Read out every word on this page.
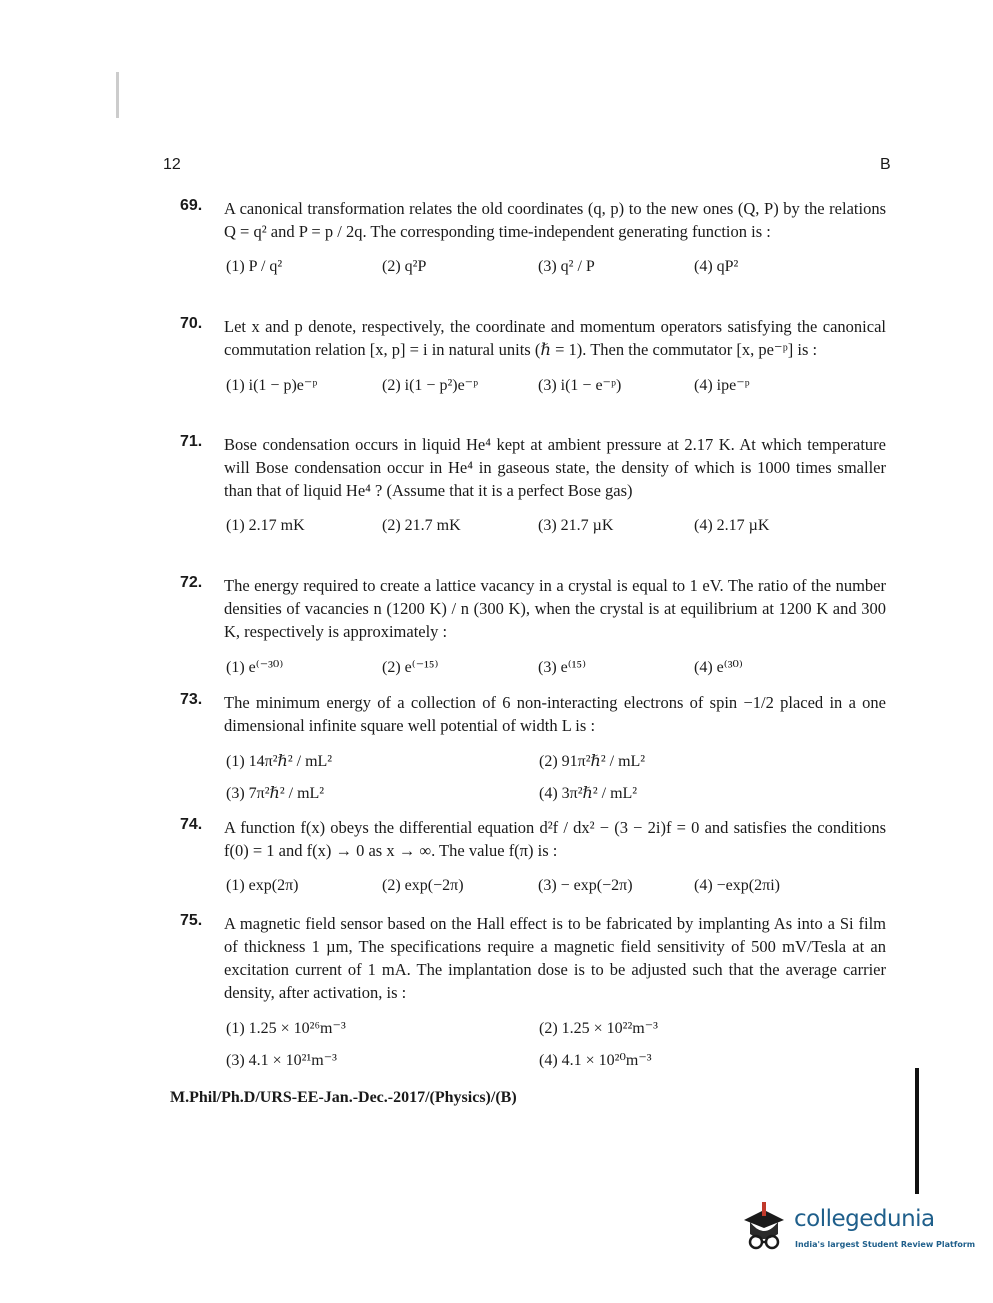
12	B
69. A canonical transformation relates the old coordinates (q, p) to the new ones (Q, P) by the relations Q = q² and P = p / 2q. The corresponding time-independent generating function is :
(1) P / q²	(2) q²P	(3) q² / P	(4) qP²
70. Let x and p denote, respectively, the coordinate and momentum operators satisfying the canonical commutation relation [x, p] = i in natural units (ℏ = 1). Then the commutator [x, pe⁻ᵖ] is :
(1) i(1 − p)e⁻ᵖ	(2) i(1 − p²)e⁻ᵖ	(3) i(1 − e⁻ᵖ)	(4) ipe⁻ᵖ
71. Bose condensation occurs in liquid He⁴ kept at ambient pressure at 2.17 K. At which temperature will Bose condensation occur in He⁴ in gaseous state, the density of which is 1000 times smaller than that of liquid He⁴ ? (Assume that it is a perfect Bose gas)
(1) 2.17 mK	(2) 21.7 mK	(3) 21.7 µK	(4) 2.17 µK
72. The energy required to create a lattice vacancy in a crystal is equal to 1 eV. The ratio of the number densities of vacancies n (1200 K) / n (300 K), when the crystal is at equilibrium at 1200 K and 300 K, respectively is approximately :
(1) e⁽⁻³⁰⁾	(2) e⁽⁻¹⁵⁾	(3) e⁽¹⁵⁾	(4) e⁽³⁰⁾
73. The minimum energy of a collection of 6 non-interacting electrons of spin −1/2 placed in a one dimensional infinite square well potential of width L is :
(1) 14π²ℏ² / mL²	(2) 91π²ℏ² / mL²
(3) 7π²ℏ² / mL²	(4) 3π²ℏ² / mL²
74. A function f(x) obeys the differential equation d²f / dx² − (3 − 2i)f = 0 and satisfies the conditions f(0) = 1 and f(x) → 0 as x → ∞. The value f(π) is :
(1) exp(2π)	(2) exp(−2π)	(3) − exp(−2π)	(4) −exp(2πi)
75. A magnetic field sensor based on the Hall effect is to be fabricated by implanting As into a Si film of thickness 1 µm, The specifications require a magnetic field sensitivity of 500 mV/Tesla at an excitation current of 1 mA. The implantation dose is to be adjusted such that the average carrier density, after activation, is :
(1) 1.25 × 10²⁶m⁻³	(2) 1.25 × 10²²m⁻³
(3) 4.1 × 10²¹m⁻³	(4) 4.1 × 10²⁰m⁻³
M.Phil/Ph.D/URS-EE-Jan.-Dec.-2017/(Physics)/(B)
collegedunia
India's largest Student Review Platform
